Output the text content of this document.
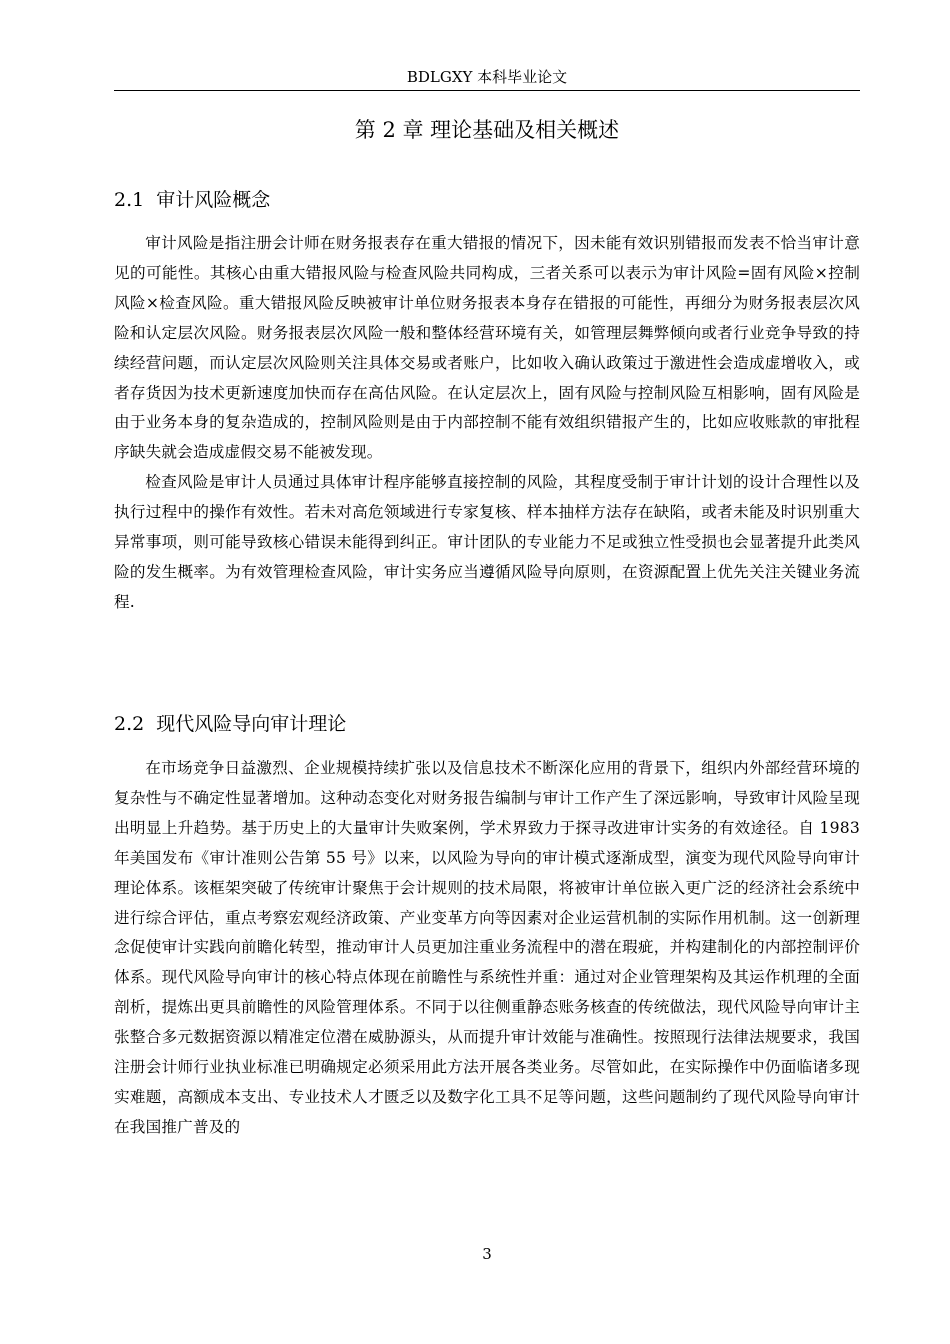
BDLGXY 本科毕业论文
第 2 章 理论基础及相关概述
2.1 审计风险概念

审计风险是指注册会计师在财务报表存在重大错报的情况下，因未能有效识别错报而发表不恰当审计意见的可能性。其核心由重大错报风险与检查风险共同构成，三者关系可以表示为审计风险=固有风险×控制风险×检查风险。重大错报风险反映被审计单位财务报表本身存在错报的可能性，再细分为财务报表层次风险和认定层次风险。财务报表层次风险一般和整体经营环境有关，如管理层舞弊倾向或者行业竞争导致的持续经营问题，而认定层次风险则关注具体交易或者账户，比如收入确认政策过于激进性会造成虚增收入，或者存货因为技术更新速度加快而存在高估风险。在认定层次上，固有风险与控制风险互相影响，固有风险是由于业务本身的复杂造成的，控制风险则是由于内部控制不能有效组织错报产生的，比如应收账款的审批程序缺失就会造成虚假交易不能被发现。

检查风险是审计人员通过具体审计程序能够直接控制的风险，其程度受制于审计计划的设计合理性以及执行过程中的操作有效性。若未对高危领域进行专家复核、样本抽样方法存在缺陷，或者未能及时识别重大异常事项，则可能导致核心错误未能得到纠正。审计团队的专业能力不足或独立性受损也会显著提升此类风险的发生概率。为有效管理检查风险，审计实务应当遵循风险导向原则，在资源配置上优先关注关键业务流程.

2.2 现代风险导向审计理论

在市场竞争日益激烈、企业规模持续扩张以及信息技术不断深化应用的背景下，组织内外部经营环境的复杂性与不确定性显著增加。这种动态变化对财务报告编制与审计工作产生了深远影响，导致审计风险呈现出明显上升趋势。基于历史上的大量审计失败案例，学术界致力于探寻改进审计实务的有效途径。自 1983 年美国发布《审计准则公告第 55 号》以来，以风险为导向的审计模式逐渐成型，演变为现代风险导向审计理论体系。该框架突破了传统审计聚焦于会计规则的技术局限，将被审计单位嵌入更广泛的经济社会系统中进行综合评估，重点考察宏观经济政策、产业变革方向等因素对企业运营机制的实际作用机制。这一创新理念促使审计实践向前瞻化转型，推动审计人员更加注重业务流程中的潜在瑕疵，并构建制化的内部控制评价体系。现代风险导向审计的核心特点体现在前瞻性与系统性并重：通过对企业管理架构及其运作机理的全面剖析，提炼出更具前瞻性的风险管理体系。不同于以往侧重静态账务核查的传统做法，现代风险导向审计主张整合多元数据资源以精准定位潜在威胁源头，从而提升审计效能与准确性。按照现行法律法规要求，我国注册会计师行业执业标准已明确规定必须采用此方法开展各类业务。尽管如此，在实际操作中仍面临诸多现实难题，高额成本支出、专业技术人才匮乏以及数字化工具不足等问题，这些问题制约了现代风险导向审计在我国推广普及的

3
